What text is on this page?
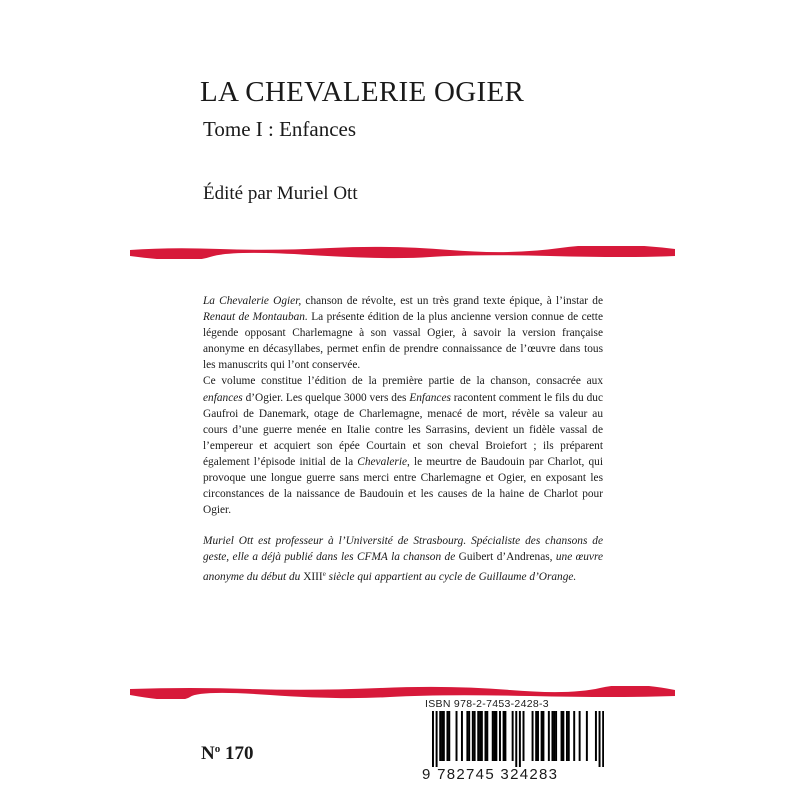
LA CHEVALERIE OGIER
Tome I : Enfances
Édité par Muriel Ott

La Chevalerie Ogier, chanson de révolte, est un très grand texte épique, à l’instar de Renaut de Montauban. La présente édition de la plus ancienne version connue de cette légende opposant Charlemagne à son vassal Ogier, à savoir la version française anonyme en décasyllabes, permet enfin de prendre connaissance de l’œuvre dans tous les manuscrits qui l’ont conservée.

Ce volume constitue l’édition de la première partie de la chanson, consacrée aux enfances d’Ogier. Les quelque 3000 vers des Enfances racontent comment le fils du duc Gaufroi de Danemark, otage de Charlemagne, menacé de mort, révèle sa valeur au cours d’une guerre menée en Italie contre les Sarrasins, devient un fidèle vassal de l’empereur et acquiert son épée Courtain et son cheval Broiefort ; ils préparent également l’épisode initial de la Chevalerie, le meurtre de Baudouin par Charlot, qui provoque une longue guerre sans merci entre Charlemagne et Ogier, en exposant les circonstances de la naissance de Baudouin et les causes de la haine de Charlot pour Ogier.

Muriel Ott est professeur à l’Université de Strasbourg. Spécialiste des chansons de geste, elle a déjà publié dans les CFMA la chanson de Guibert d’Andrenas, une œuvre anonyme du début du XIIIe siècle qui appartient au cycle de Guillaume d’Orange.

$N^o$ 170
ISBN 978-2-7453-2428-3
9 782745 324283
